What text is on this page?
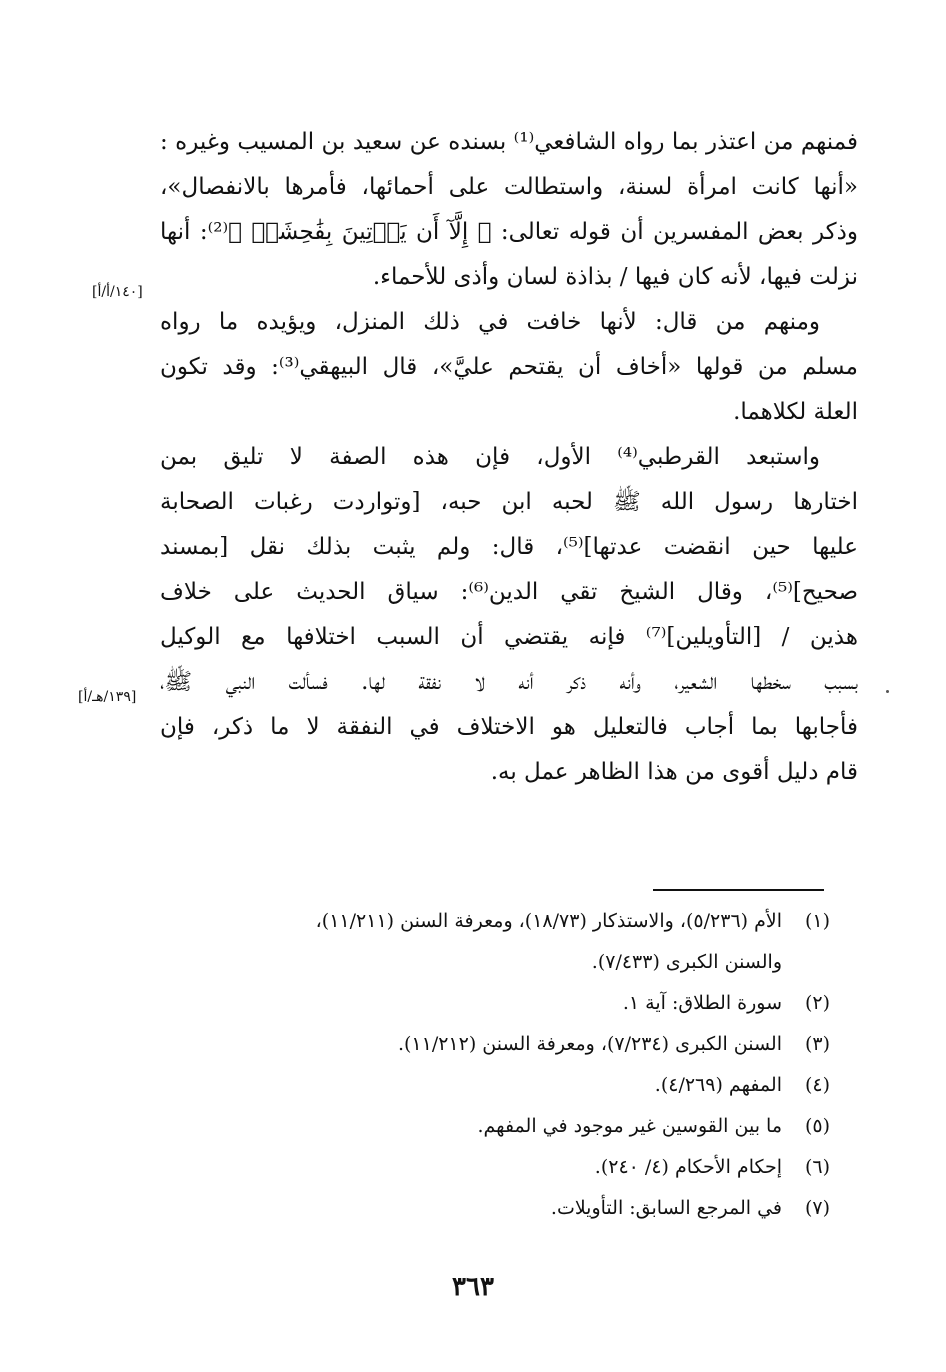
فمنهم من اعتذر بما رواه الشافعي⁽¹⁾ بسنده عن سعيد بن المسيب وغيره :
«أنها كانت امرأة لسنة، واستطالت على أحمائها، فأمرها بالانفصال»،
وذكر بعض المفسرين أن قوله تعالى: ﴿ إِلَّآ أَن يَأۡتِينَ بِفَٰحِشَةٖ ﴾⁽²⁾: أنها
نزلت فيها، لأنه كان فيها / بذاذة لسان وأذى للأحماء.
ومنهم من قال: لأنها خافت في ذلك المنزل، ويؤيده ما رواه
مسلم من قولها «أخاف أن يقتحم عليَّ»، قال البيهقي⁽³⁾: وقد تكون
العلة لكلاهما.
واستبعد القرطبي⁽⁴⁾ الأول، فإن هذه الصفة لا تليق بمن
اختارها رسول الله ﷺ لحبه ابن حبه، [وتواردت رغبات الصحابة
عليها حين انقضت عدتها]⁽⁵⁾، قال: ولم يثبت بذلك نقل [بمسند
صحيح]⁽⁵⁾، وقال الشيخ تقي الدين⁽⁶⁾: سياق الحديث على خلاف
هذين / [التأويلين]⁽⁷⁾ فإنه يقتضي أن السبب اختلافها مع الوكيل
بسبب سخطها الشعير، وأنه ذكر أنه لا نفقة لها. فسألت النبي ﷺ،
فأجابها بما أجاب فالتعليل هو الاختلاف في النفقة لا ما ذكر، فإن
قام دليل أقوى من هذا الظاهر عمل به.
[١٤٠/أ/أ]
[١٣٩/هـ/أ]
(١)
الأم (٥/٢٣٦)، والاستذكار (١٨/٧٣)، ومعرفة السنن (١١/٢١١)،
والسنن الكبرى (٧/٤٣٣).
(٢)
سورة الطلاق: آية ١.
(٣)
السنن الكبرى (٧/٢٣٤)، ومعرفة السنن (١١/٢١٢).
(٤)
المفهم (٤/٢٦٩).
(٥)
ما بين القوسين غير موجود في المفهم.
(٦)
إحكام الأحكام (٤/ ٢٤٠).
(٧)
في المرجع السابق: التأويلات.
٣٦٣
